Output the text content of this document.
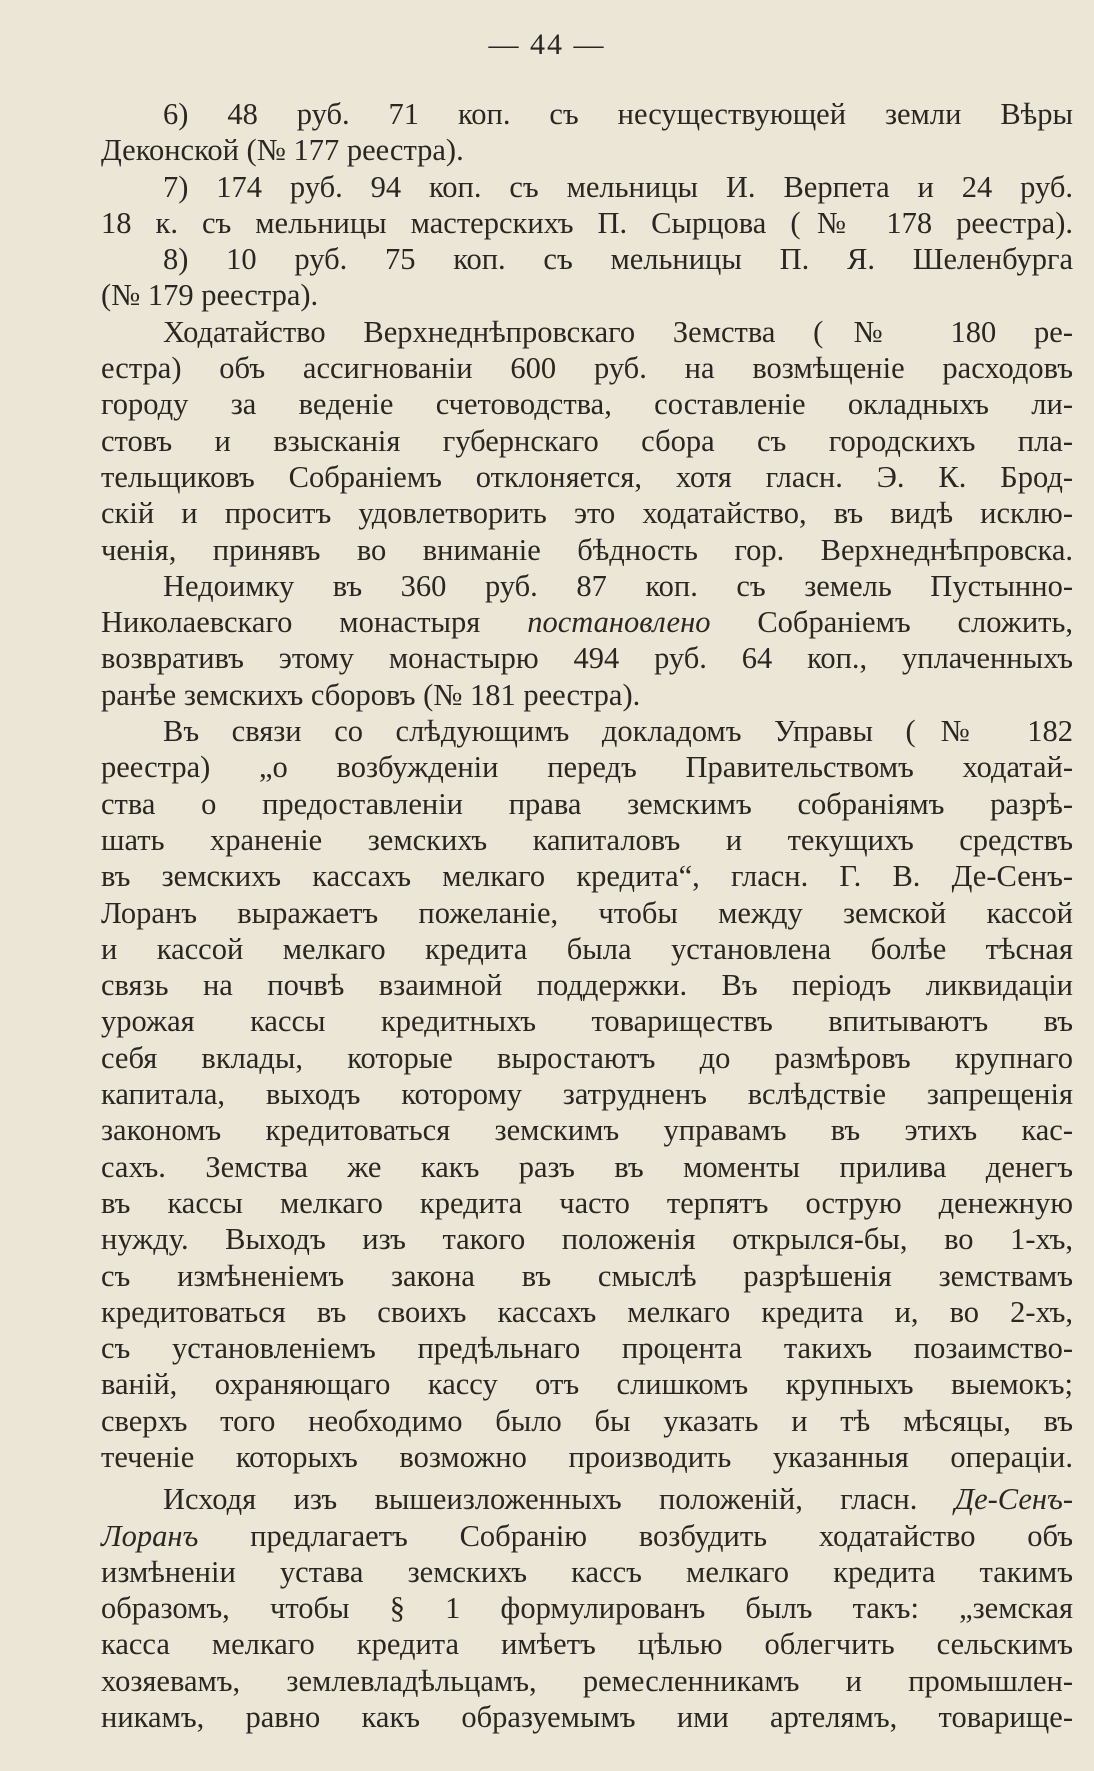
— 44 —
6) 48 руб. 71 коп. съ несуществующей земли Вѣры
Деконской (№ 177 реестра).
7) 174 руб. 94 коп. съ мельницы И. Верпета и 24 руб.
18 к. съ мельницы мастерскихъ П. Сырцова (№ 178 реестра).
8) 10 руб. 75 коп. съ мельницы П. Я. Шеленбурга
(№ 179 реестра).
Ходатайство Верхнеднѣпровскаго Земства (№ 180 ре-
естра) объ ассигнованіи 600 руб. на возмѣщеніе расходовъ
городу за веденіе счетоводства, составленіе окладныхъ ли-
стовъ и взысканія губернскаго сбора съ городскихъ пла-
тельщиковъ Собраніемъ отклоняется, хотя гласн. Э. К. Брод-
скій и проситъ удовлетворить это ходатайство, въ видѣ исклю-
ченія, принявъ во вниманіе бѣдность гор. Верхнеднѣпровска.
Недоимку въ 360 руб. 87 коп. съ земель Пустынно-
Николаевскаго монастыря постановлено Собраніемъ сложить,
возвративъ этому монастырю 494 руб. 64 коп., уплаченныхъ
ранѣе земскихъ сборовъ (№ 181 реестра).
Въ связи со слѣдующимъ докладомъ Управы (№ 182
реестра) „о возбужденіи передъ Правительствомъ ходатай-
ства о предоставленіи права земскимъ собраніямъ разрѣ-
шать храненіе земскихъ капиталовъ и текущихъ средствъ
въ земскихъ кассахъ мелкаго кредита“, гласн. Г. В. Де-Сенъ-
Лоранъ выражаетъ пожеланіе, чтобы между земской кассой
и кассой мелкаго кредита была установлена болѣе тѣсная
связь на почвѣ взаимной поддержки. Въ періодъ ликвидаціи
урожая кассы кредитныхъ товариществъ впитываютъ въ
себя вклады, которые выростаютъ до размѣровъ крупнаго
капитала, выходъ которому затрудненъ вслѣдствіе запрещенія
закономъ кредитоваться земскимъ управамъ въ этихъ кас-
сахъ. Земства же какъ разъ въ моменты прилива денегъ
въ кассы мелкаго кредита часто терпятъ острую денежную
нужду. Выходъ изъ такого положенія открылся-бы, во 1-хъ,
съ измѣненіемъ закона въ смыслѣ разрѣшенія земствамъ
кредитоваться въ своихъ кассахъ мелкаго кредита и, во 2-хъ,
съ установленіемъ предѣльнаго процента такихъ позаимство-
ваній, охраняющаго кассу отъ слишкомъ крупныхъ выемокъ;
сверхъ того необходимо было бы указать и тѣ мѣсяцы, въ
теченіе которыхъ возможно производить указанныя операціи.
Исходя изъ вышеизложенныхъ положеній, гласн. Де-Сенъ-
Лоранъ предлагаетъ Собранію возбудить ходатайство объ
измѣненіи устава земскихъ кассъ мелкаго кредита такимъ
образомъ, чтобы § 1 формулированъ былъ такъ: „земская
касса мелкаго кредита имѣетъ цѣлью облегчить сельскимъ
хозяевамъ, землевладѣльцамъ, ремесленникамъ и промышлен-
никамъ, равно какъ образуемымъ ими артелямъ, товарище-
